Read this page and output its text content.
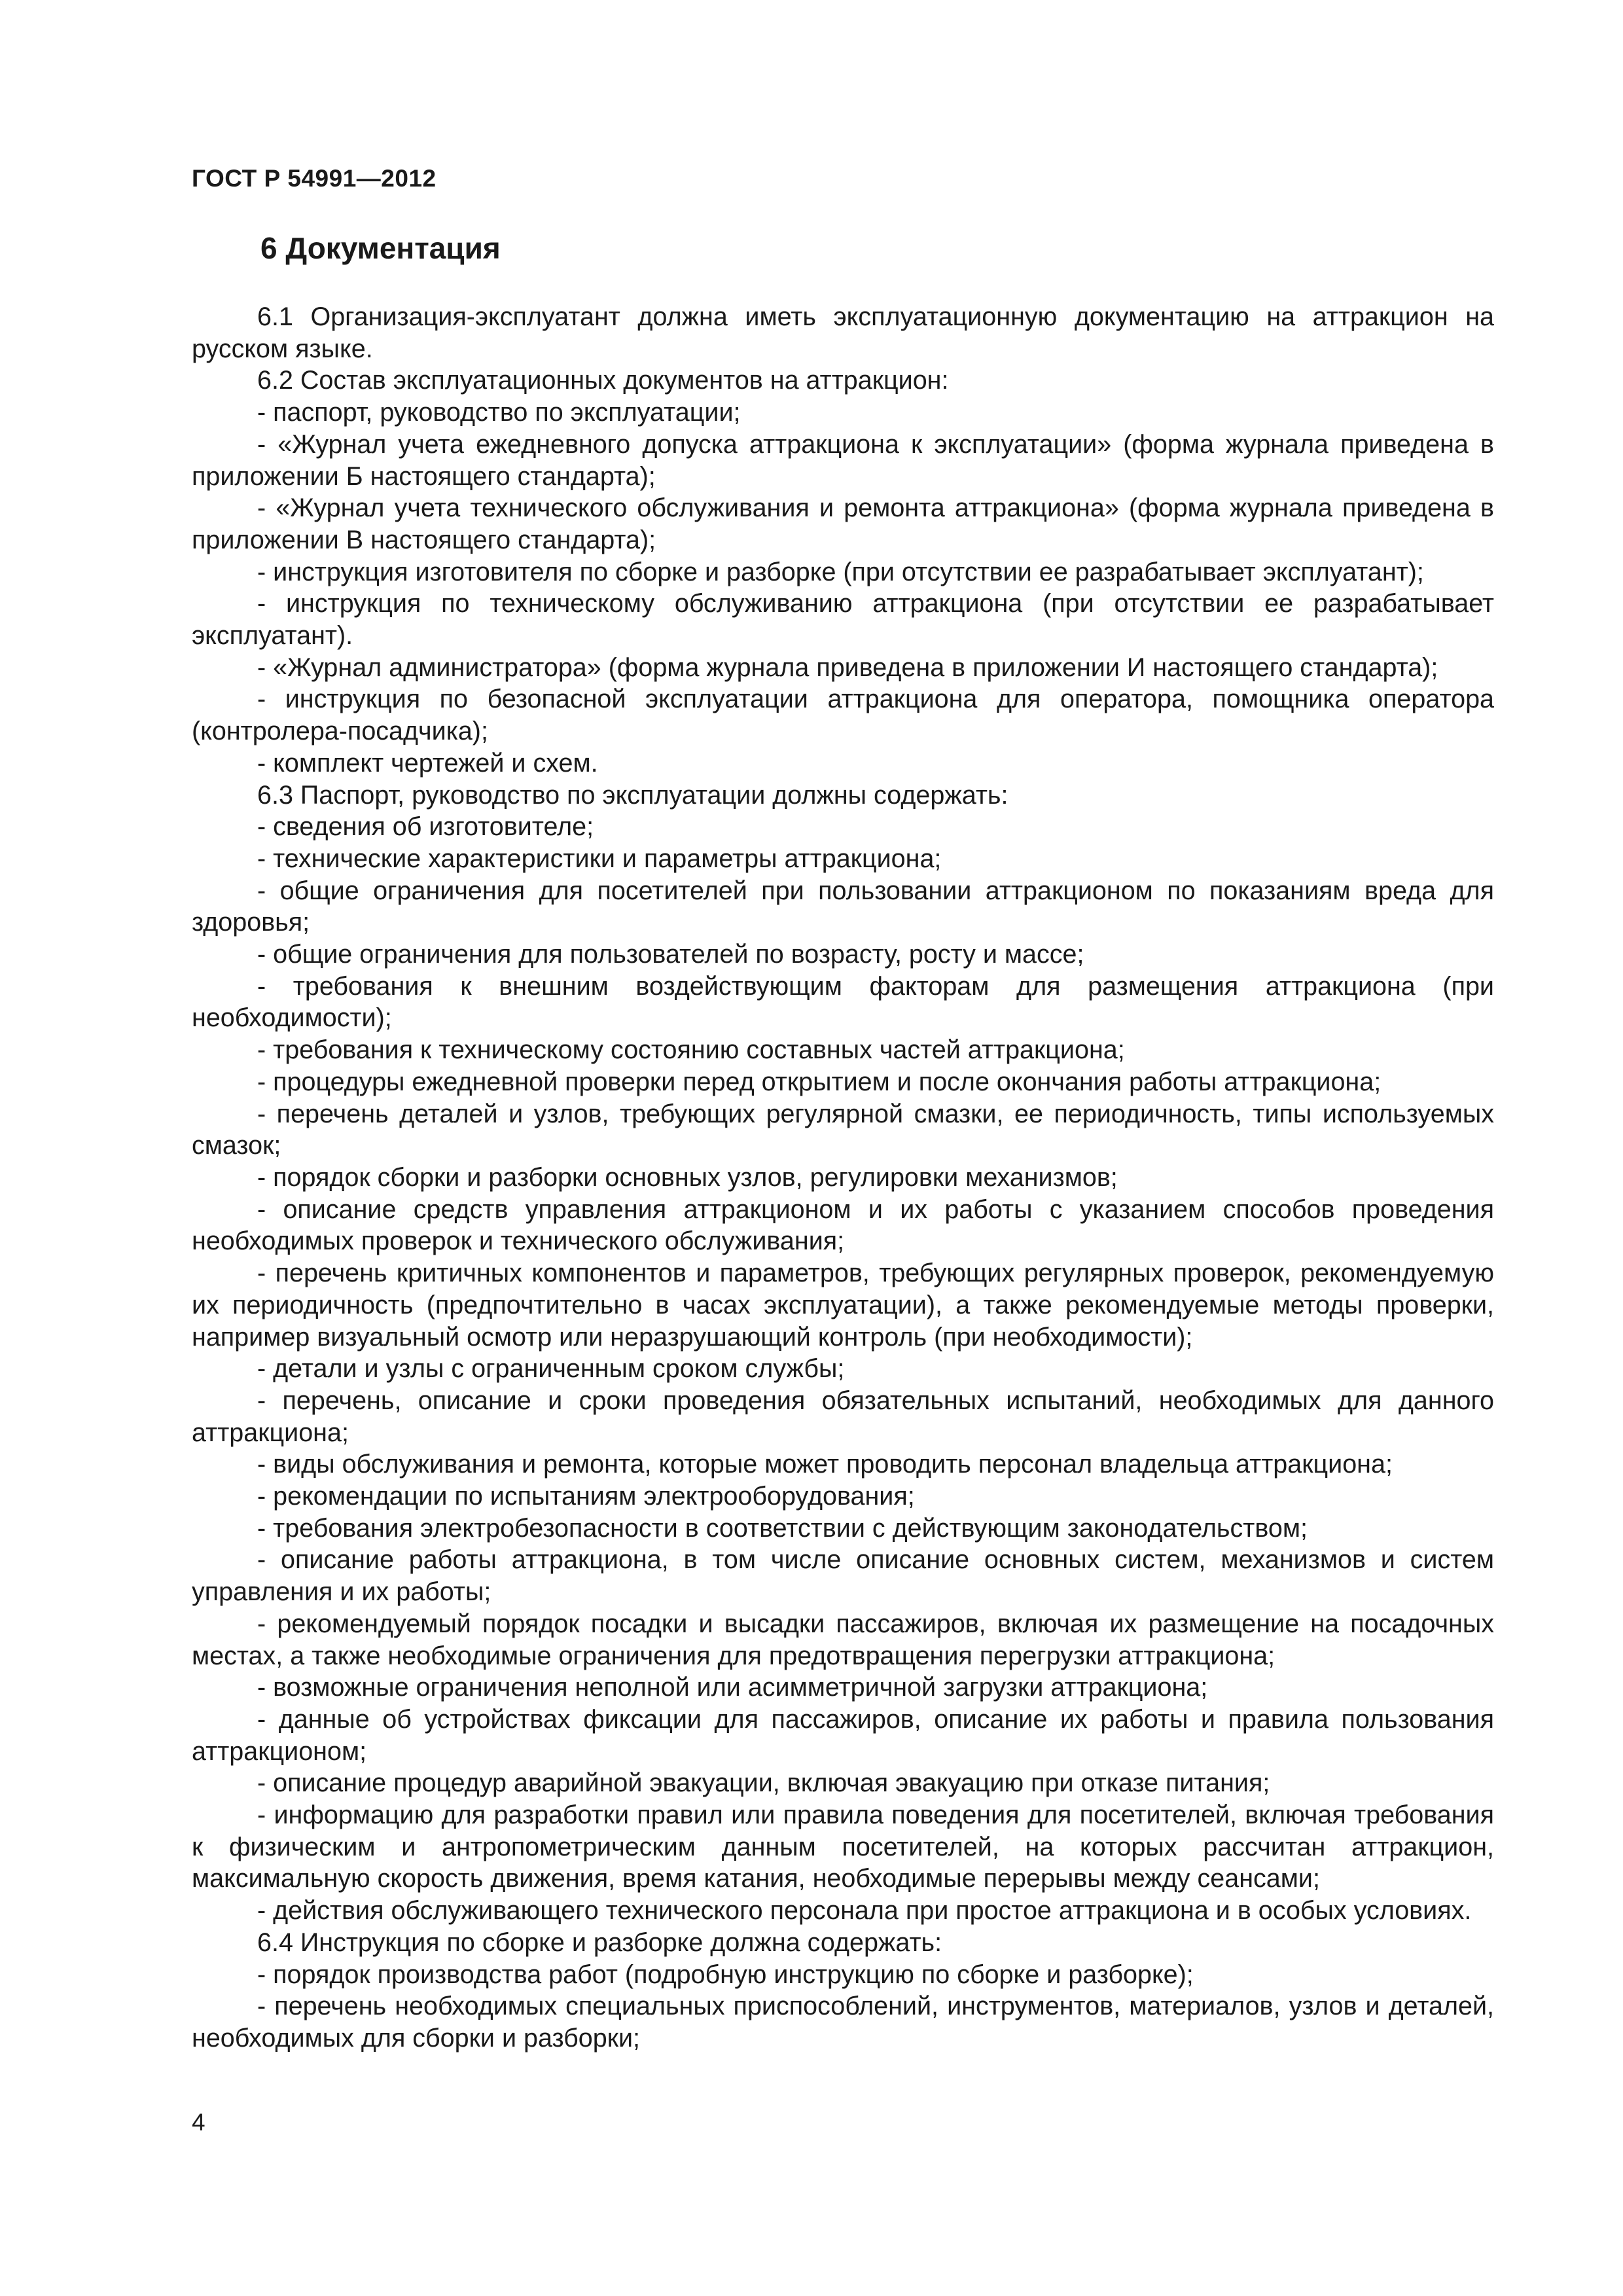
ГОСТ Р 54991—2012
6 Документация

6.1 Организация-эксплуатант должна иметь эксплуатационную документацию на аттракцион на русском языке.

6.2 Состав эксплуатационных документов на аттракцион:

- паспорт, руководство по эксплуатации;

- «Журнал учета ежедневного допуска аттракциона к эксплуатации» (форма журнала приведена в приложении Б настоящего стандарта);

- «Журнал учета технического обслуживания и ремонта аттракциона» (форма журнала приведена в приложении В настоящего стандарта);

- инструкция изготовителя по сборке и разборке (при отсутствии ее разрабатывает эксплуатант);

- инструкция по техническому обслуживанию аттракциона (при отсутствии ее разрабатывает эксплуатант).

- «Журнал администратора» (форма журнала приведена в приложении И настоящего стандарта);

- инструкция по безопасной эксплуатации аттракциона для оператора, помощника оператора (контролера-посадчика);

- комплект чертежей и схем.

6.3 Паспорт, руководство по эксплуатации должны содержать:

- сведения об изготовителе;

- технические характеристики и параметры аттракциона;

- общие ограничения для посетителей при пользовании аттракционом по показаниям вреда для здоровья;

- общие ограничения для пользователей по возрасту, росту и массе;

- требования к внешним воздействующим факторам для размещения аттракциона (при необходимости);

- требования к техническому состоянию составных частей аттракциона;

- процедуры ежедневной проверки перед открытием и после окончания работы аттракциона;

- перечень деталей и узлов, требующих регулярной смазки, ее периодичность, типы используемых смазок;

- порядок сборки и разборки основных узлов, регулировки механизмов;

- описание средств управления аттракционом и их работы с указанием способов проведения необходимых проверок и технического обслуживания;

- перечень критичных компонентов и параметров, требующих регулярных проверок, рекомендуемую их периодичность (предпочтительно в часах эксплуатации), а также рекомендуемые методы проверки, например визуальный осмотр или неразрушающий контроль (при необходимости);

- детали и узлы с ограниченным сроком службы;

- перечень, описание и сроки проведения обязательных испытаний, необходимых для данного аттракциона;

- виды обслуживания и ремонта, которые может проводить персонал владельца аттракциона;

- рекомендации по испытаниям электрооборудования;

- требования электробезопасности в соответствии с действующим законодательством;

- описание работы аттракциона, в том числе описание основных систем, механизмов и систем управления и их работы;

- рекомендуемый порядок посадки и высадки пассажиров, включая их размещение на посадочных местах, а также необходимые ограничения для предотвращения перегрузки аттракциона;

- возможные ограничения неполной или асимметричной загрузки аттракциона;

- данные об устройствах фиксации для пассажиров, описание их работы и правила пользования аттракционом;

- описание процедур аварийной эвакуации, включая эвакуацию при отказе питания;

- информацию для разработки правил или правила поведения для посетителей, включая требования к физическим и антропометрическим данным посетителей, на которых рассчитан аттракцион, максимальную скорость движения, время катания, необходимые перерывы между сеансами;

- действия обслуживающего технического персонала при простое аттракциона и в особых условиях.

6.4 Инструкция по сборке и разборке должна содержать:

- порядок производства работ (подробную инструкцию по сборке и разборке);

- перечень необходимых специальных приспособлений, инструментов, материалов, узлов и деталей, необходимых для сборки и разборки;

4
